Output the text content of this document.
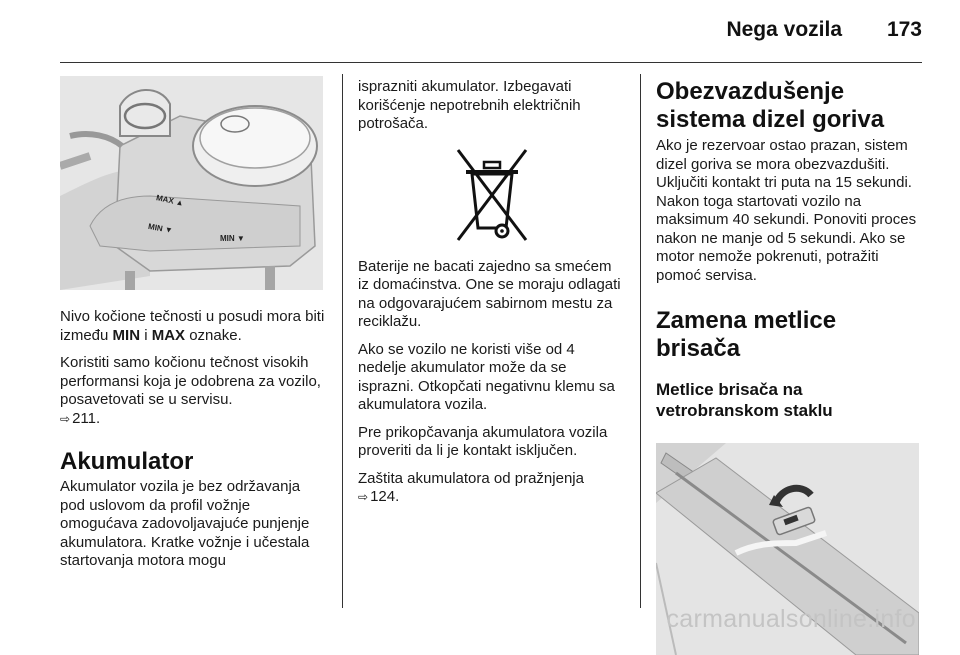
Nega vozila 173
MAX ▲
MIN ▼
MIN ▼

Nivo kočione tečnosti u posudi mora biti između MIN i MAX oznake.

Koristiti samo kočionu tečnost visokih performansi koja je odobrena za vozilo, posavetovati se u servisu.

⇨ 211.

Akumulator

Akumulator vozila je bez održavanja pod uslovom da profil vožnje omogućava zadovoljavajuće punjenje akumulatora. Kratke vožnje i učestala startovanja motora mogu

isprazniti akumulator. Izbegavati korišćenje nepotrebnih električnih potrošača.

Baterije ne bacati zajedno sa smećem iz domaćinstva. One se moraju odlagati na odgovarajućem sabirnom mestu za reciklažu.

Ako se vozilo ne koristi više od 4 nedelje akumulator može da se isprazni. Otkopčati negativnu klemu sa akumulatora vozila.

Pre prikopčavanja akumulatora vozila proveriti da li je kontakt isključen.

Zaštita akumulatora od pražnjenja

⇨ 124.

Obezvazdušenje sistema dizel goriva

Ako je rezervoar ostao prazan, sistem dizel goriva se mora obezvazdušiti. Uključiti kontakt tri puta na 15 sekundi. Nakon toga startovati vozilo na maksimum 40 sekundi. Ponoviti proces nakon ne manje od 5 sekundi. Ako se motor nemože pokrenuti, potražiti pomoć servisa.

Zamena metlice brisača
Metlice brisača na vetrobranskom staklu
carmanualsonline.info
